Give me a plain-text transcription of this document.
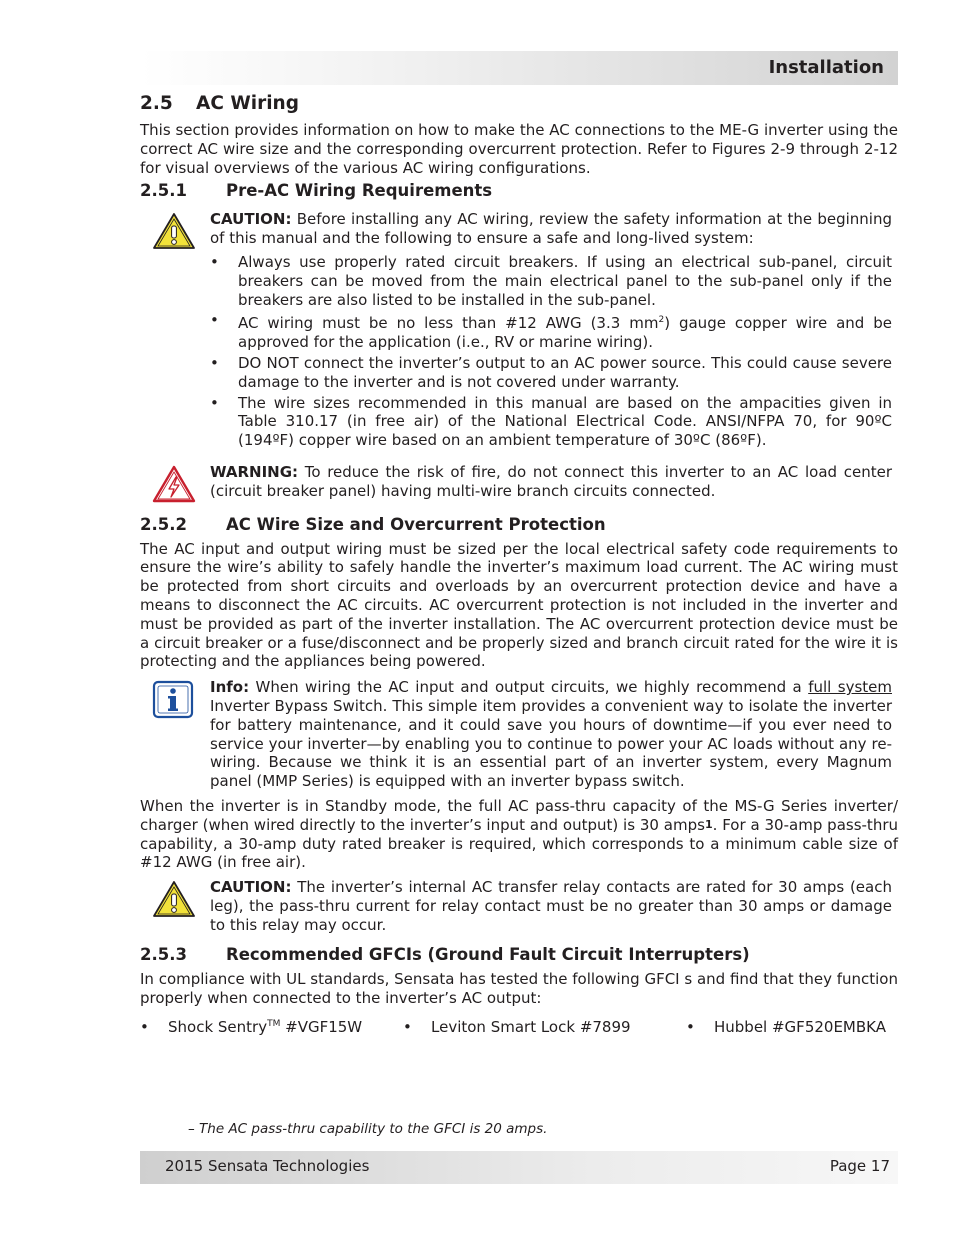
Installation
2.5 AC Wiring

This section provides information on how to make the AC connections to the ME-G inverter using the correct AC wire size and the corresponding overcurrent protection. Refer to Figures 2-9 through 2-12 for visual overviews of the various AC wiring configurations.

2.5.1 Pre-AC Wiring Requirements
CAUTION: Before installing any AC wiring, review the safety information at the beginning of this manual and the following to ensure a safe and long-lived system:
• Always use properly rated circuit breakers. If using an electrical sub-panel, circuit breakers can be moved from the main electrical panel to the sub-panel only if the breakers are also listed to be installed in the sub-panel.
• AC wiring must be no less than #12 AWG (3.3 $mm^2$) gauge copper wire and be approved for the application (i.e., RV or marine wiring).
• DO NOT connect the inverter’s output to an AC power source. This could cause severe damage to the inverter and is not covered under warranty.
• The wire sizes recommended in this manual are based on the ampacities given in Table 310.17 (in free air) of the National Electrical Code. ANSI/NFPA 70, for 90ºC (194ºF) copper wire based on an ambient temperature of 30ºC (86ºF).
WARNING: To reduce the risk of fire, do not connect this inverter to an AC load center (circuit breaker panel) having multi-wire branch circuits connected.
2.5.2 AC Wire Size and Overcurrent Protection

The AC input and output wiring must be sized per the local electrical safety code requirements to ensure the wire’s ability to safely handle the inverter’s maximum load current. The AC wiring must be protected from short circuits and overloads by an overcurrent protection device and have a means to disconnect the AC circuits. AC overcurrent protection is not included in the inverter and must be provided as part of the inverter installation. The AC overcurrent protection device must be a circuit breaker or a fuse/disconnect and be properly sized and branch circuit rated for the wire it is protecting and the appliances being powered.

Info: When wiring the AC input and output circuits, we highly recommend a full system Inverter Bypass Switch. This simple item provides a convenient way to isolate the inverter for battery maintenance, and it could save you hours of downtime—if you ever need to service your inverter—by enabling you to continue to power your AC loads without any re-wiring. Because we think it is an essential part of an inverter system, every Magnum panel (MMP Series) is equipped with an inverter bypass switch.

When the inverter is in Standby mode, the full AC pass-thru capacity of the MS-G Series inverter/ charger (when wired directly to the inverter’s input and output) is 30 amps$^1$. For a 30-amp pass-thru capability, a 30-amp duty rated breaker is required, which corresponds to a minimum cable size of #12 AWG (in free air).

CAUTION: The inverter’s internal AC transfer relay contacts are rated for 30 amps (each leg), the pass-thru current for relay contact must be no greater than 30 amps or damage to this relay may occur.
2.5.3 Recommended GFCIs (Ground Fault Circuit Interrupters)

In compliance with UL standards, Sensata has tested the following GFCI s and find that they function properly when connected to the inverter’s AC output:

• Shock Sentry™ #VGF15W	• Leviton Smart Lock #7899	• Hubbel #GF520EMBKA
– The AC pass-thru capability to the GFCI is 20 amps.
2015 Sensata Technologies	Page 17
